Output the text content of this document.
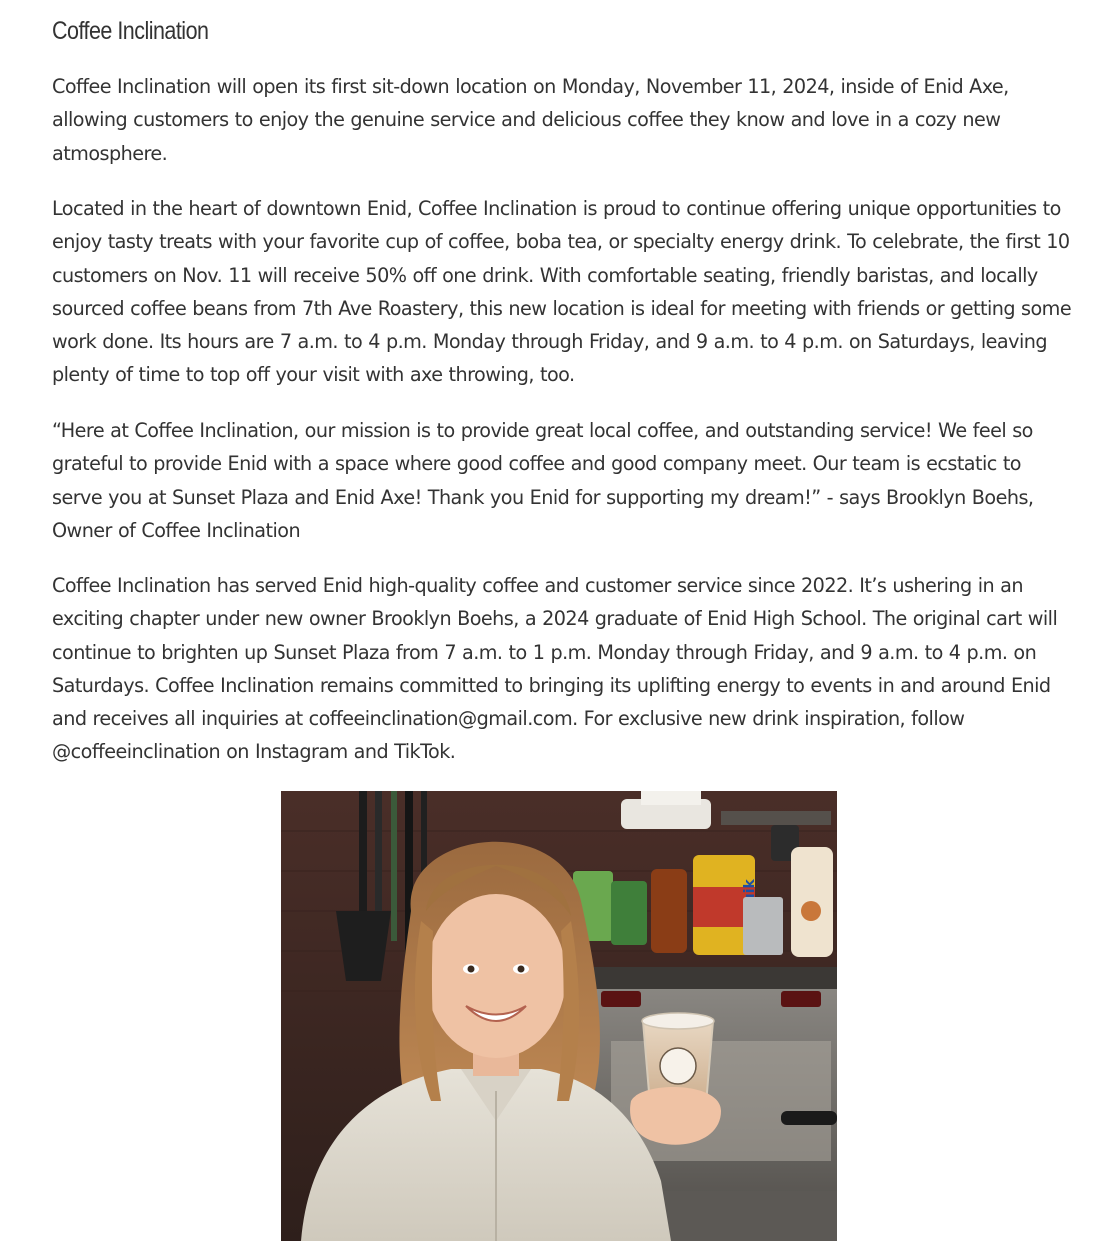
Coffee Inclination

Coffee Inclination will open its first sit-down location on Monday, November 11, 2024, inside of Enid Axe, allowing customers to enjoy the genuine service and delicious coffee they know and love in a cozy new atmosphere.

Located in the heart of downtown Enid, Coffee Inclination is proud to continue offering unique opportunities to enjoy tasty treats with your favorite cup of coffee, boba tea, or specialty energy drink. To celebrate, the first 10 customers on Nov. 11 will receive 50% off one drink. With comfortable seating, friendly baristas, and locally sourced coffee beans from 7th Ave Roastery, this new location is ideal for meeting with friends or getting some work done. Its hours are 7 a.m. to 4 p.m. Monday through Friday, and 9 a.m. to 4 p.m. on Saturdays, leaving plenty of time to top off your visit with axe throwing, too.

“Here at Coffee Inclination, our mission is to provide great local coffee, and outstanding service! We feel so grateful to provide Enid with a space where good coffee and good company meet. Our team is ecstatic to serve you at Sunset Plaza and Enid Axe! Thank you Enid for supporting my dream!” - says Brooklyn Boehs, Owner of Coffee Inclination

Coffee Inclination has served Enid high-quality coffee and customer service since 2022. It’s ushering in an exciting chapter under new owner Brooklyn Boehs, a 2024 graduate of Enid High School. The original cart will continue to brighten up Sunset Plaza from 7 a.m. to 1 p.m. Monday through Friday, and 9 a.m. to 4 p.m. on Saturdays. Coffee Inclination remains committed to bringing its uplifting energy to events in and around Enid and receives all inquiries at coffeeinclination@gmail.com. For exclusive new drink inspiration, follow @coffeeinclination on Instagram and TikTok.
